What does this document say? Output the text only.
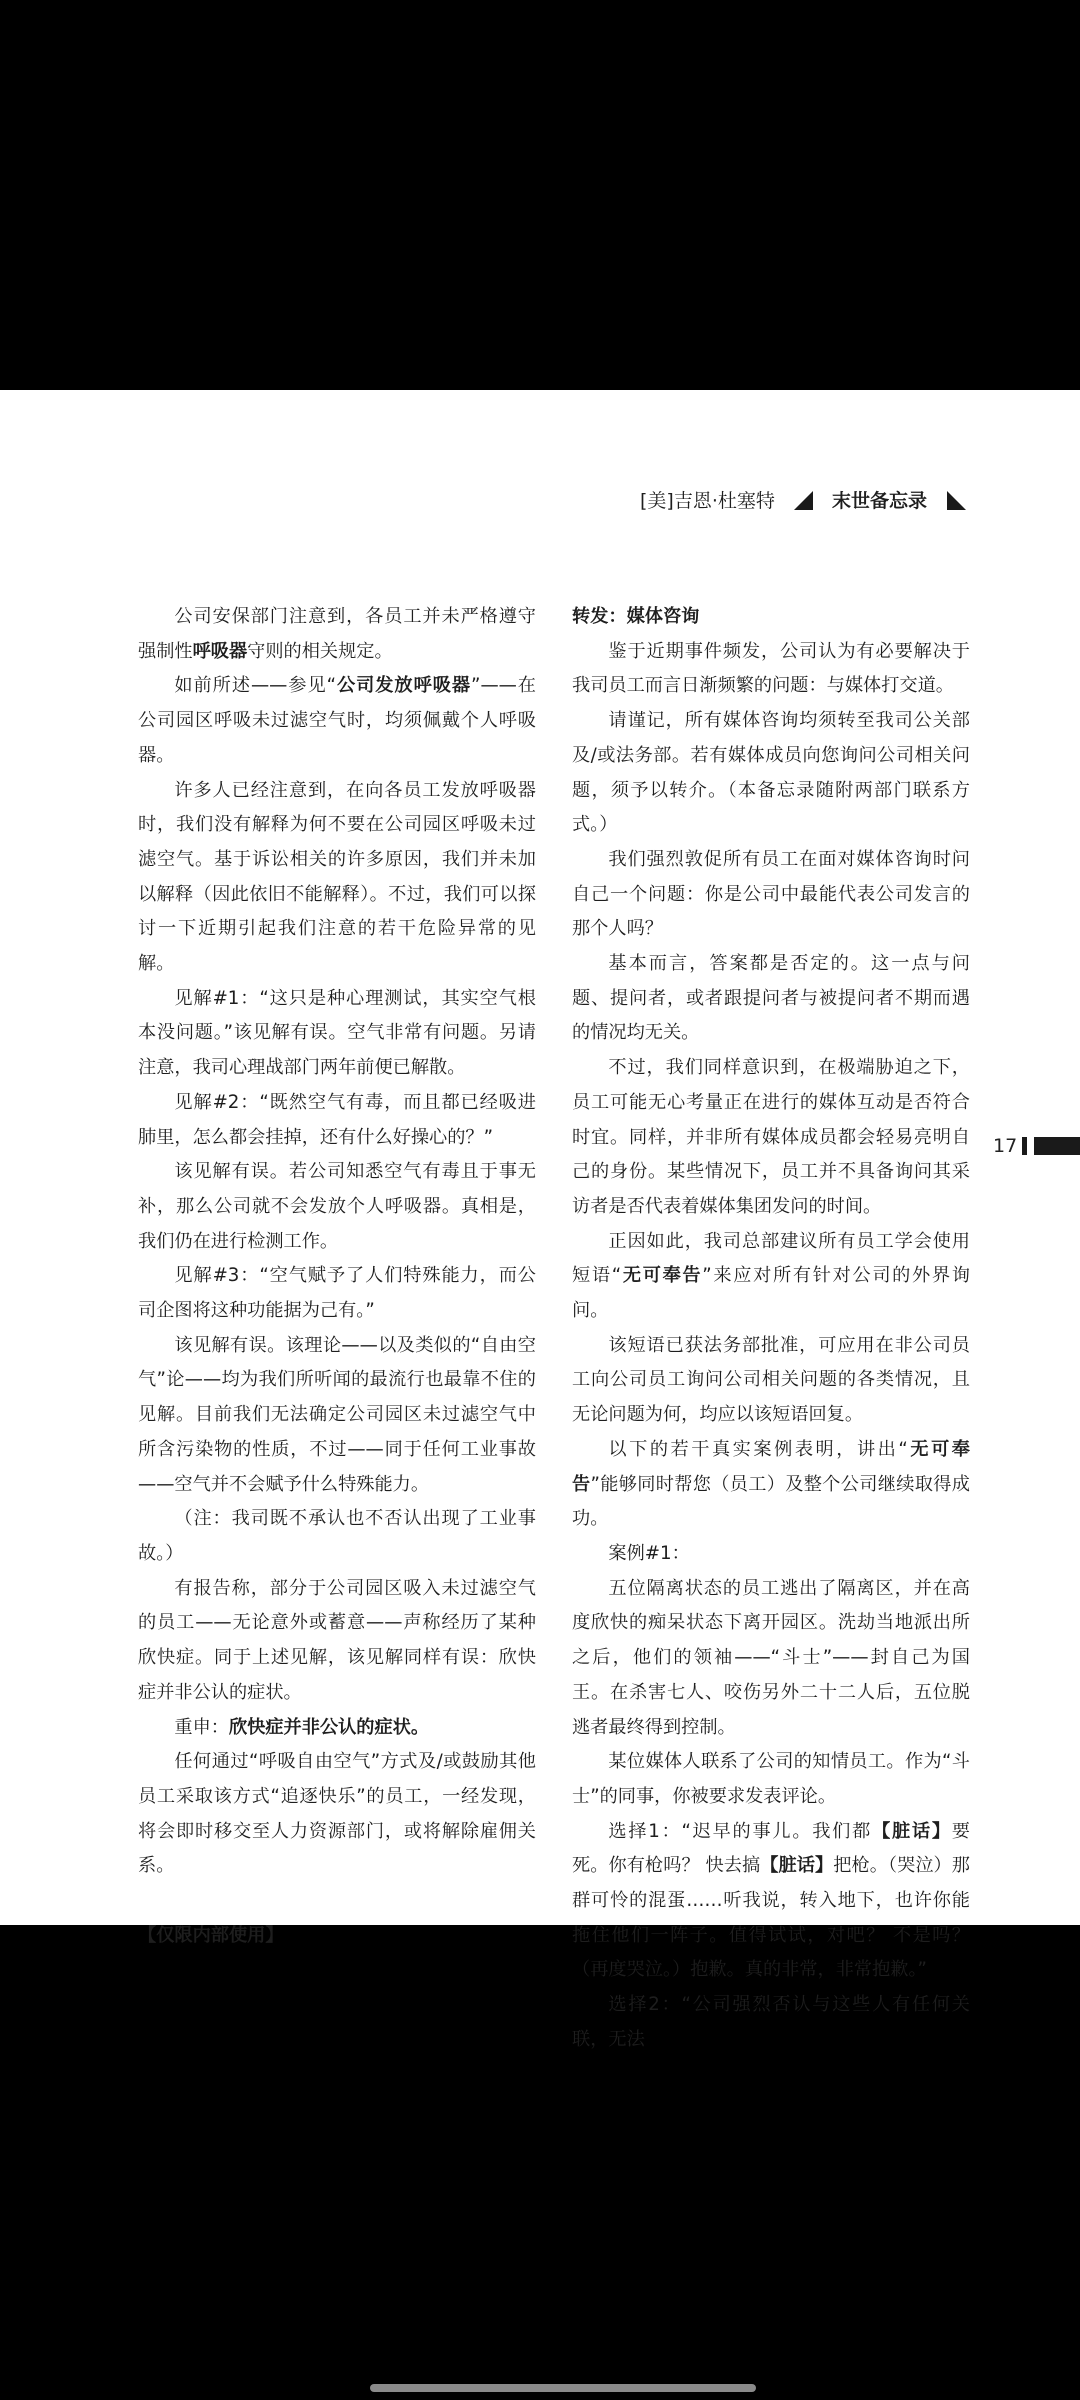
[美]吉恩·杜塞特	末世备忘录

公司安保部门注意到，各员工并未严格遵守强制性呼吸器守则的相关规定。

如前所述——参见“公司发放呼吸器”——在公司园区呼吸未过滤空气时，均须佩戴个人呼吸器。

许多人已经注意到，在向各员工发放呼吸器时，我们没有解释为何不要在公司园区呼吸未过滤空气。基于诉讼相关的许多原因，我们并未加以解释（因此依旧不能解释）。不过，我们可以探讨一下近期引起我们注意的若干危险异常的见解。

见解#1：“这只是种心理测试，其实空气根本没问题。”该见解有误。空气非常有问题。另请注意，我司心理战部门两年前便已解散。

见解#2：“既然空气有毒，而且都已经吸进肺里，怎么都会挂掉，还有什么好操心的？”

该见解有误。若公司知悉空气有毒且于事无补，那么公司就不会发放个人呼吸器。真相是，我们仍在进行检测工作。

见解#3：“空气赋予了人们特殊能力，而公司企图将这种功能据为己有。”

该见解有误。该理论——以及类似的“自由空气”论——均为我们所听闻的最流行也最靠不住的见解。目前我们无法确定公司园区未过滤空气中所含污染物的性质，不过——同于任何工业事故——空气并不会赋予什么特殊能力。

（注：我司既不承认也不否认出现了工业事故。）

有报告称，部分于公司园区吸入未过滤空气的员工——无论意外或蓄意——声称经历了某种欣快症。同于上述见解，该见解同样有误：欣快症并非公认的症状。

重申：欣快症并非公认的症状。

任何通过“呼吸自由空气”方式及/或鼓励其他员工采取该方式“追逐快乐”的员工，一经发现，将会即时移交至人力资源部门，或将解除雇佣关系。

【仅限内部使用】

转发：媒体咨询

鉴于近期事件频发，公司认为有必要解决于我司员工而言日渐频繁的问题：与媒体打交道。

请谨记，所有媒体咨询均须转至我司公关部及/或法务部。若有媒体成员向您询问公司相关问题，须予以转介。（本备忘录随附两部门联系方式。）

我们强烈敦促所有员工在面对媒体咨询时问自己一个问题：你是公司中最能代表公司发言的那个人吗？

基本而言，答案都是否定的。这一点与问题、提问者，或者跟提问者与被提问者不期而遇的情况均无关。

不过，我们同样意识到，在极端胁迫之下，员工可能无心考量正在进行的媒体互动是否符合时宜。同样，并非所有媒体成员都会轻易亮明自己的身份。某些情况下，员工并不具备询问其采访者是否代表着媒体集团发问的时间。

正因如此，我司总部建议所有员工学会使用短语“无可奉告”来应对所有针对公司的外界询问。

该短语已获法务部批准，可应用在非公司员工向公司员工询问公司相关问题的各类情况，且无论问题为何，均应以该短语回复。

以下的若干真实案例表明，讲出“无可奉告”能够同时帮您（员工）及整个公司继续取得成功。

案例#1：

五位隔离状态的员工逃出了隔离区，并在高度欣快的痴呆状态下离开园区。洗劫当地派出所之后，他们的领袖——“斗士”——封自己为国王。在杀害七人、咬伤另外二十二人后，五位脱逃者最终得到控制。

某位媒体人联系了公司的知情员工。作为“斗士”的同事，你被要求发表评论。

选择1：“迟早的事儿。我们都【脏话】要死。你有枪吗？ 快去搞【脏话】把枪。（哭泣）那群可怜的混蛋……听我说，转入地下，也许你能拖住他们一阵子。值得试试，对吧？ 不是吗？（再度哭泣。）抱歉。真的非常，非常抱歉。”

选择2：“公司强烈否认与这些人有任何关联，无法

17
